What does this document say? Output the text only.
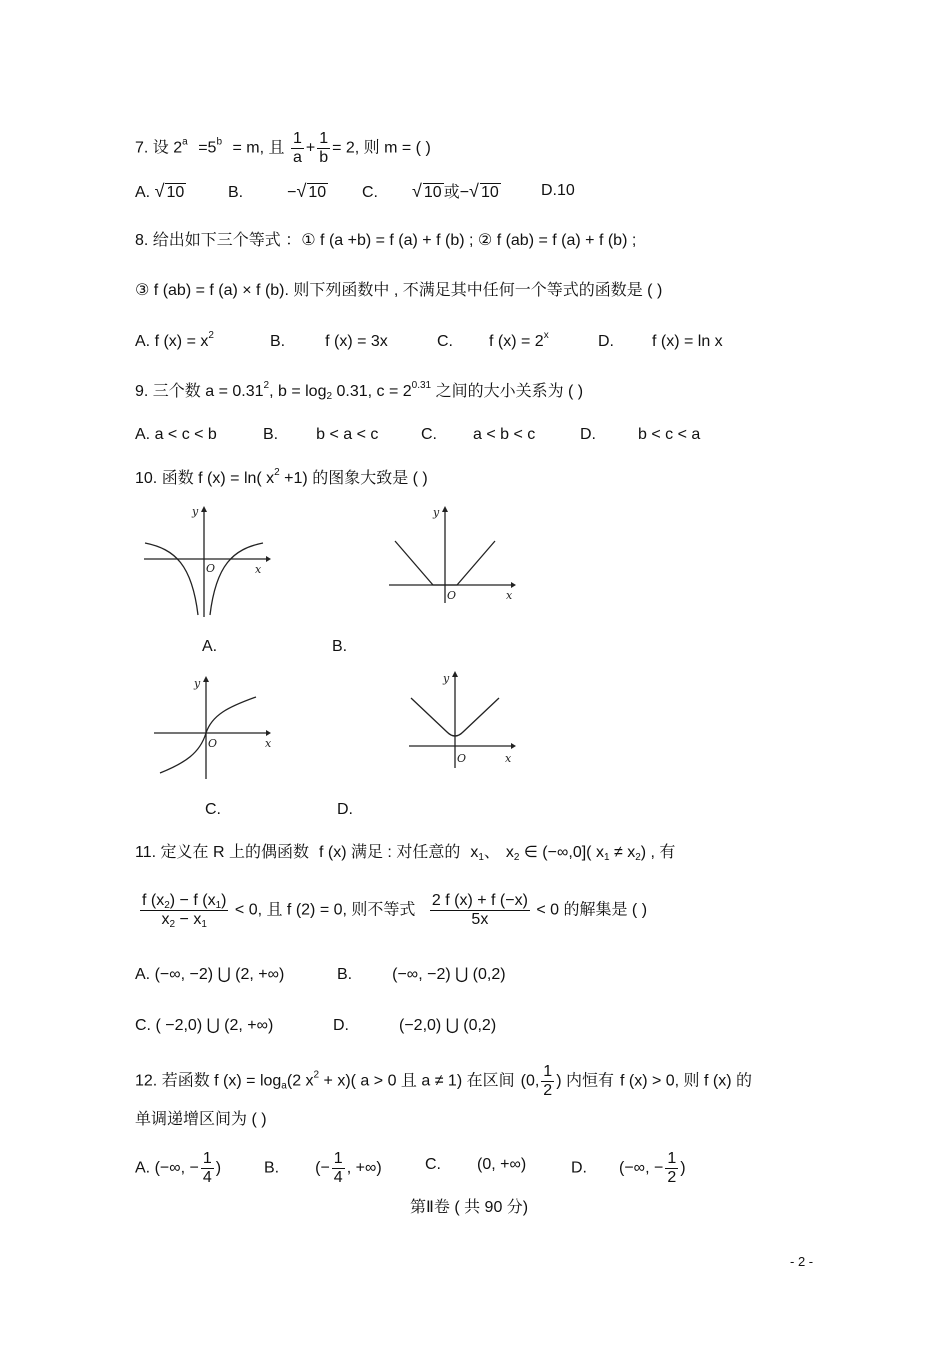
7. 设 $2^a =5^b = m$, 且 $\frac{1}{a} + \frac{1}{b} = 2$, 则 m = ( )
A. √ 10	B.	−√ 10 C. √ 10 或−√ 10	D.10
8. 给出如下三个等式 ：① f (a +b) = f (a) + f (b) ; ② f (ab) = f (a) + f (b) ;
③ f (ab) = f (a) × f (b). 则下列函数中 , 不满足其中任何一个等式的函数是 ( )
A. f $(x) = x^2$	B.	f (x) = 3x	C. f $(x) = 2^x$	D. f (x) = ln x
9. 三个数 $a = 0.31^2$, $b = \log_2 0.31$, $c = 2^{0.31}$ 之间的大小关系为 ( )
A. a < c < b	B. b < a < c	C. a < b < c	D.	b < c < a
10. 函数 f (x) = ln( $x^2 +1$) 的图象大致是 ( )
y
x
O
y
x
O
A.	B.
y
x
O
y
x
O
C.	D.
11. 定义在 R 上的偶函数 f (x) 满足 : 对任意的 $x_1$、 $x_2$ ∈ (−∞,0]( $x_1 \ne x_2$) , 有
$\frac{f (x_2) - f (x_1)}{x_2 - x_1} < 0$, 且 f (2) = 0, 则不等式 $\frac{2 f (x) + f (-x)}{5x} < 0$ 的解集是 ( )
A. (−∞, −2) ⋃ (2, +∞)	B.	(−∞, −2) ⋃ (0,2)
C. ( −2,0) ⋃ (2, +∞)	D.	(−2,0) ⋃ (0,2)
12. 若函数 f $(x) = \log_a(2$ $x^2 + x$)( a > 0 且 a ≠ 1) 在区间 (0, $\frac{1}{2}$ ) 内恒有 f (x) > 0, 则 f (x) 的
单调递增区间为 ( )
A. (−∞, − $\frac{1}{4}$ )	B. (− $\frac{1}{4}$ , +∞)	C. (0, +∞)	D. (−∞, − $\frac{1}{2}$ )
第Ⅱ卷 ( 共 90 分)
- 2 -
